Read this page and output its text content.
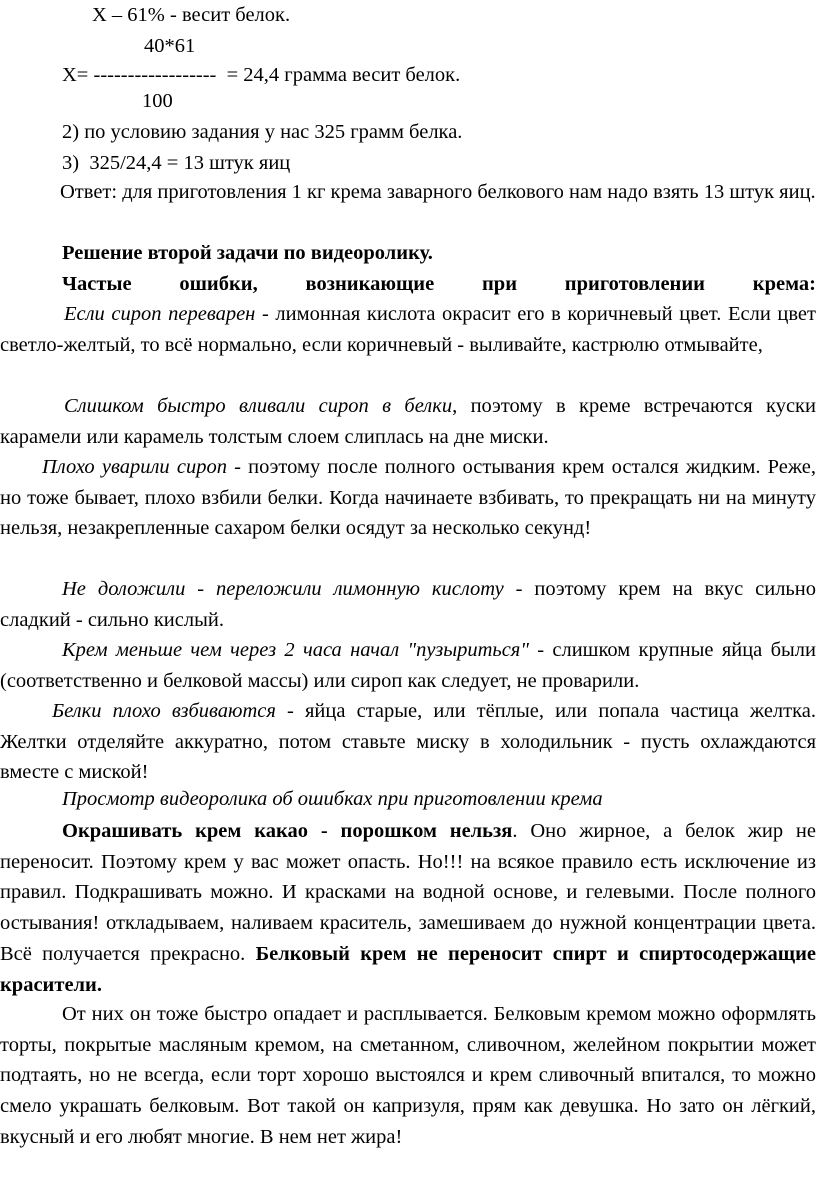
Х – 61% - весит белок.
40*61
Х= ------------------  = 24,4 грамма весит белок.
100
2) по условию задания у нас 325 грамм белка.
3)  325/24,4 = 13 штук яиц

Ответ: для приготовления 1 кг крема заварного белкового нам надо взять 13 штук яиц.

Решение второй задачи по видеоролику.

Частые ошибки, возникающие при приготовлении крема:

Если сироп переварен - лимонная кислота окрасит его в коричневый цвет. Если цвет светло-желтый, то всё нормально, если коричневый - выливайте, кастрюлю отмывайте,

Слишком быстро вливали сироп в белки, поэтому в креме встречаются куски карамели или карамель толстым слоем слиплась на дне миски.

Плохо уварили сироп - поэтому после полного остывания крем остался жидким. Реже, но тоже бывает, плохо взбили белки. Когда начинаете взбивать, то прекращать ни на минуту нельзя, незакрепленные сахаром белки осядут за несколько секунд!

Не доложили - переложили лимонную кислоту - поэтому крем на вкус сильно сладкий - сильно кислый.

Крем меньше чем через 2 часа начал "пузыриться" - слишком крупные яйца были (соответственно и белковой массы) или сироп как следует, не проварили.

Белки плохо взбиваются - яйца старые, или тёплые, или попала частица желтка. Желтки отделяйте аккуратно, потом ставьте миску в холодильник - пусть охлаждаются вместе с миской!

Просмотр видеоролика об ошибках при приготовлении крема

Окрашивать крем какао - порошком нельзя. Оно жирное, а белок жир не переносит. Поэтому крем у вас может опасть. Но!!! на всякое правило есть исключение из правил. Подкрашивать можно. И красками на водной основе, и гелевыми. После полного остывания! откладываем, наливаем краситель, замешиваем до нужной концентрации цвета. Всё получается прекрасно. Белковый крем не переносит спирт и спиртосодержащие красители.

От них он тоже быстро опадает и расплывается. Белковым кремом можно оформлять торты, покрытые масляным кремом, на сметанном, сливочном, желейном покрытии может подтаять, но не всегда, если торт хорошо выстоялся и крем сливочный впитался, то можно смело украшать белковым. Вот такой он капризуля, прям как девушка. Но зато он лёгкий, вкусный и его любят многие. В нем нет жира!
